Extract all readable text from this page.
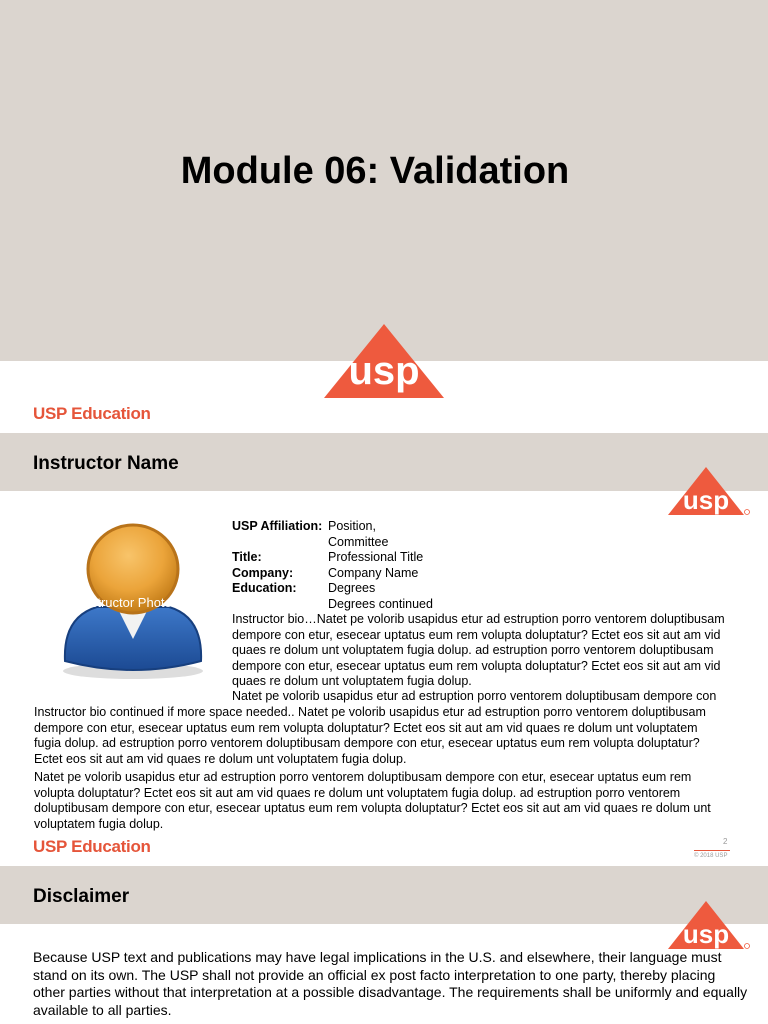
Module 06: Validation
usp
USP Education
Instructor Name
usp
Instructor Photo
USP Affiliation: Position,
Committee
Title:	Professional Title
Company:	Company Name
Education:	Degrees
Degrees continued
Instructor bio…Natet pe volorib usapidus etur ad estruption porro ventorem doluptibusam dempore con etur, esecear uptatus eum rem volupta doluptatur? Ectet eos sit aut am vid quaes re dolum unt voluptatem fugia dolup. ad estruption porro ventorem doluptibusam dempore con etur, esecear uptatus eum rem volupta doluptatur? Ectet eos sit aut am vid quaes re dolum unt voluptatem fugia dolup.
Natet pe volorib usapidus etur ad estruption porro ventorem doluptibusam dempore con
Instructor bio continued if more space needed.. Natet pe volorib usapidus etur ad estruption porro ventorem doluptibusam dempore con etur, esecear uptatus eum rem volupta doluptatur? Ectet eos sit aut am vid quaes re dolum unt voluptatem fugia dolup. ad estruption porro ventorem doluptibusam dempore con etur, esecear uptatus eum rem volupta doluptatur? Ectet eos sit aut am vid quaes re dolum unt voluptatem fugia dolup.
Natet pe volorib usapidus etur ad estruption porro ventorem doluptibusam dempore con etur, esecear uptatus eum rem volupta doluptatur? Ectet eos sit aut am vid quaes re dolum unt voluptatem fugia dolup. ad estruption porro ventorem doluptibusam dempore con etur, esecear uptatus eum rem volupta doluptatur? Ectet eos sit aut am vid quaes re dolum unt voluptatem fugia dolup.
2
© 2018 USP
USP Education
Disclaimer
usp
Because USP text and publications may have legal implications in the U.S. and elsewhere, their language must stand on its own. The USP shall not provide an official ex post facto interpretation to one party, thereby placing other parties without that interpretation at a possible disadvantage. The requirements shall be uniformly and equally available to all parties.
